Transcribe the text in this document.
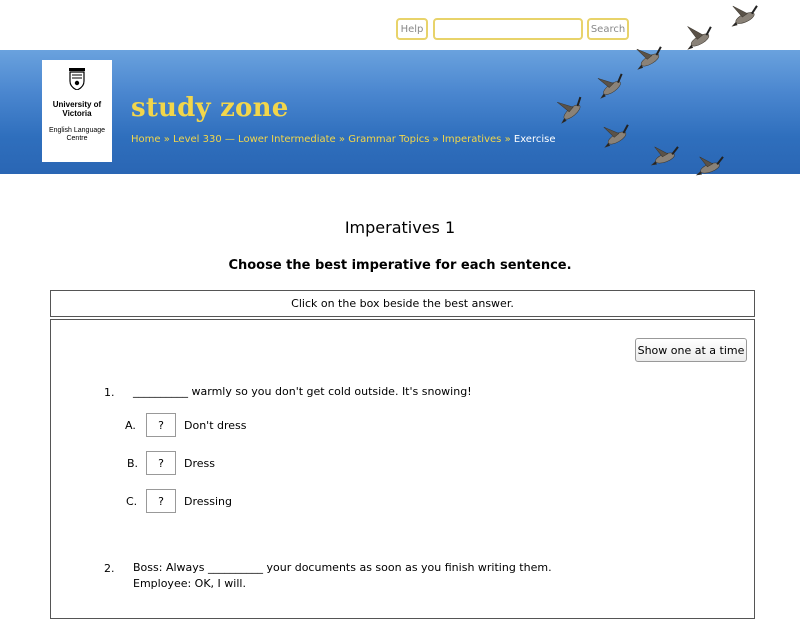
Help	Search
University of Victoria
English Language Centre
study zone
Home » Level 330 — Lower Intermediate » Grammar Topics » Imperatives » Exercise
Imperatives 1
Choose the best imperative for each sentence.
Click on the box beside the best answer.
Show one at a time
1. __________ warmly so you don't get cold outside. It's snowing!
A.	?	Don't dress
B.	?	Dress
C.	?	Dressing
2. Boss: Always __________ your documents as soon as you finish writing them.
Employee: OK, I will.
